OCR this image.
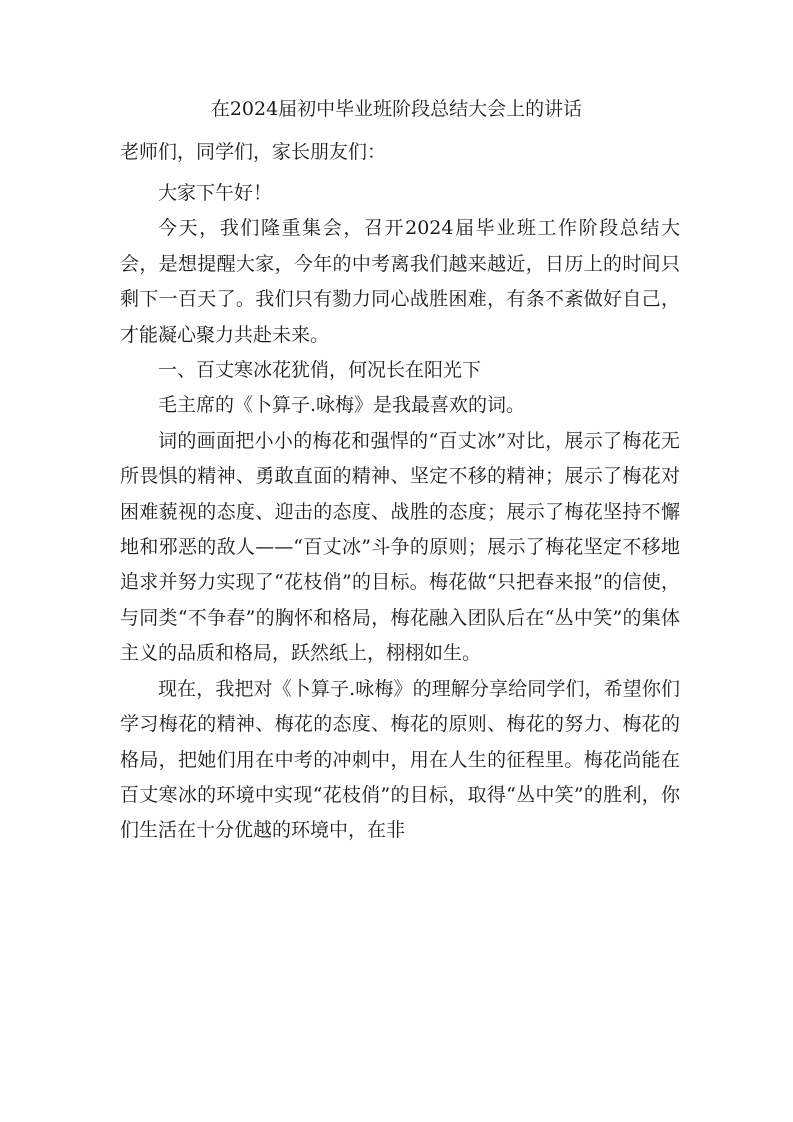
在2024届初中毕业班阶段总结大会上的讲话
老师们，同学们，家长朋友们：

大家下午好！

今天，我们隆重集会，召开2024届毕业班工作阶段总结大会，是想提醒大家，今年的中考离我们越来越近，日历上的时间只剩下一百天了。我们只有勠力同心战胜困难，有条不紊做好自己，才能凝心聚力共赴未来。

一、百丈寒冰花犹俏，何况长在阳光下

毛主席的《卜算子.咏梅》是我最喜欢的词。

词的画面把小小的梅花和强悍的“百丈冰”对比，展示了梅花无所畏惧的精神、勇敢直面的精神、坚定不移的精神；展示了梅花对困难藐视的态度、迎击的态度、战胜的态度；展示了梅花坚持不懈地和邪恶的敌人——“百丈冰”斗争的原则；展示了梅花坚定不移地追求并努力实现了“花枝俏”的目标。梅花做“只把春来报”的信使，与同类“不争春”的胸怀和格局，梅花融入团队后在“丛中笑”的集体主义的品质和格局，跃然纸上，栩栩如生。

现在，我把对《卜算子.咏梅》的理解分享给同学们，希望你们学习梅花的精神、梅花的态度、梅花的原则、梅花的努力、梅花的格局，把她们用在中考的冲刺中，用在人生的征程里。梅花尚能在百丈寒冰的环境中实现“花枝俏”的目标，取得“丛中笑”的胜利，你们生活在十分优越的环境中，在非
